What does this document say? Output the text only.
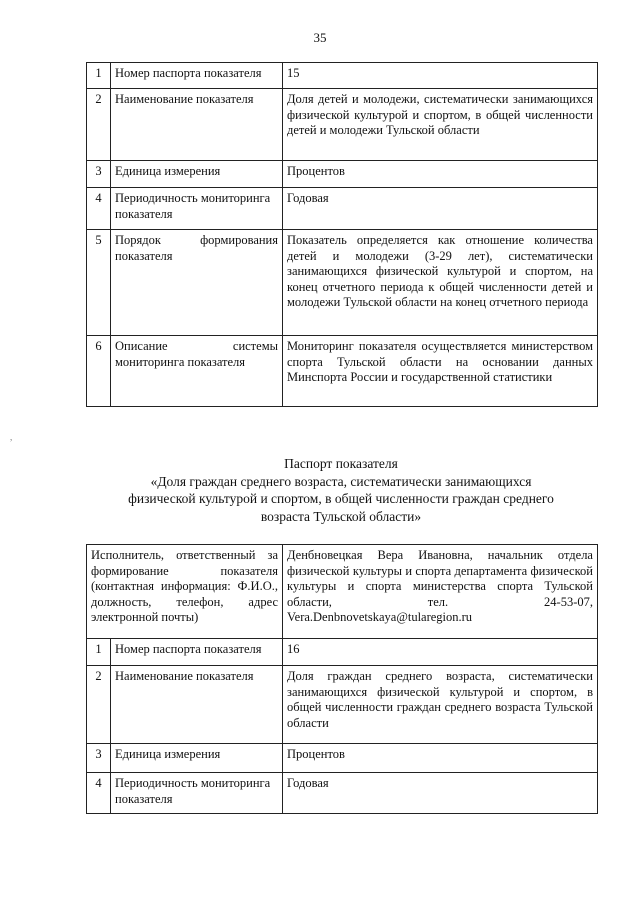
35
,
1	Номер паспорта показателя	15
2	Наименование показателя	Доля детей и молодежи, систематически занимающихся физической культурой и спортом, в общей численности детей и молодежи Тульской области
3	Единица измерения	Процентов
4	Периодичность мониторинга показателя	Годовая
5	Порядок формирования показателя	Показатель определяется как отношение количества детей и молодежи (3-29 лет), систематически занимающихся физической культурой и спортом, на конец отчетного периода к общей численности детей и молодежи Тульской области на конец отчетного периода
6	Описание системы мониторинга показателя	Мониторинг показателя осуществляется министерством спорта Тульской области на основании данных Минспорта России и государственной статистики
Паспорт показателя
«Доля граждан среднего возраста, систематически занимающихся
физической культурой и спортом, в общей численности граждан среднего
возраста Тульской области»
Исполнитель, ответственный за формирование показателя (контактная информация: Ф.И.О., должность, телефон, адрес электронной почты)		Денбновецкая Вера Ивановна, начальник отдела физической культуры и спорта департамента физической культуры и спорта министерства спорта Тульской области, тел. 24-53-07, Vera.Denbnovetskaya@tularegion.ru
1	Номер паспорта показателя	16
2	Наименование показателя	Доля граждан среднего возраста, систематически занимающихся физической культурой и спортом, в общей численности граждан среднего возраста Тульской области
3	Единица измерения	Процентов
4	Периодичность мониторинга показателя	Годовая
